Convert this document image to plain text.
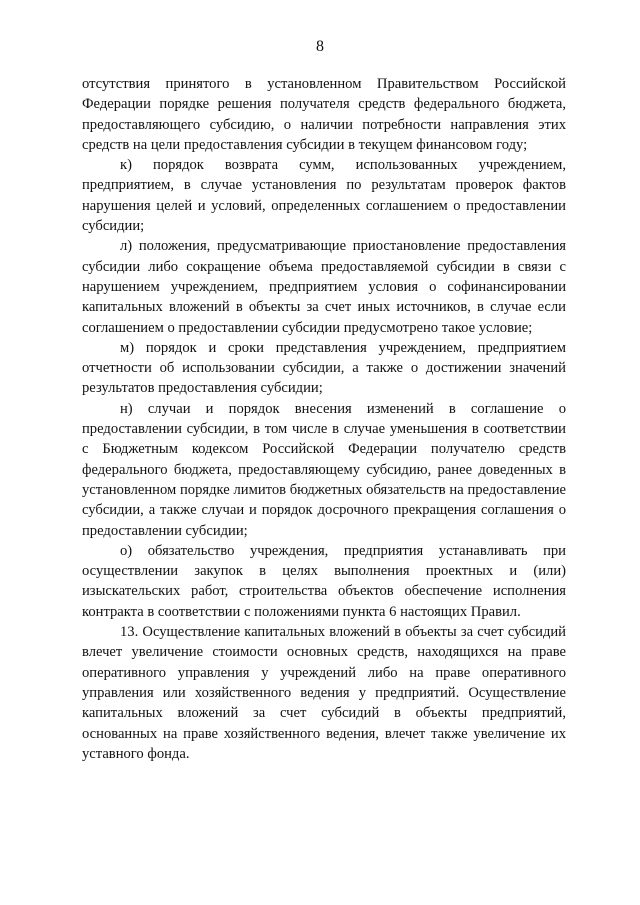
8

отсутствия принятого в установленном Правительством Российской Федерации порядке решения получателя средств федерального бюджета, предоставляющего субсидию, о наличии потребности направления этих средств на цели предоставления субсидии в текущем финансовом году;

к) порядок возврата сумм, использованных учреждением, предприятием, в случае установления по результатам проверок фактов нарушения целей и условий, определенных соглашением о предоставлении субсидии;

л) положения, предусматривающие приостановление предоставления субсидии либо сокращение объема предоставляемой субсидии в связи с нарушением учреждением, предприятием условия о софинансировании капитальных вложений в объекты за счет иных источников, в случае если соглашением о предоставлении субсидии предусмотрено такое условие;

м) порядок и сроки представления учреждением, предприятием отчетности об использовании субсидии, а также о достижении значений результатов предоставления субсидии;

н) случаи и порядок внесения изменений в соглашение о предоставлении субсидии, в том числе в случае уменьшения в соответствии с Бюджетным кодексом Российской Федерации получателю средств федерального бюджета, предоставляющему субсидию, ранее доведенных в установленном порядке лимитов бюджетных обязательств на предоставление субсидии, а также случаи и порядок досрочного прекращения соглашения о предоставлении субсидии;

о) обязательство учреждения, предприятия устанавливать при осуществлении закупок в целях выполнения проектных и (или) изыскательских работ, строительства объектов обеспечение исполнения контракта в соответствии с положениями пункта 6 настоящих Правил.

13. Осуществление капитальных вложений в объекты за счет субсидий влечет увеличение стоимости основных средств, находящихся на праве оперативного управления у учреждений либо на праве оперативного управления или хозяйственного ведения у предприятий. Осуществление капитальных вложений за счет субсидий в объекты предприятий, основанных на праве хозяйственного ведения, влечет также увеличение их уставного фонда.
